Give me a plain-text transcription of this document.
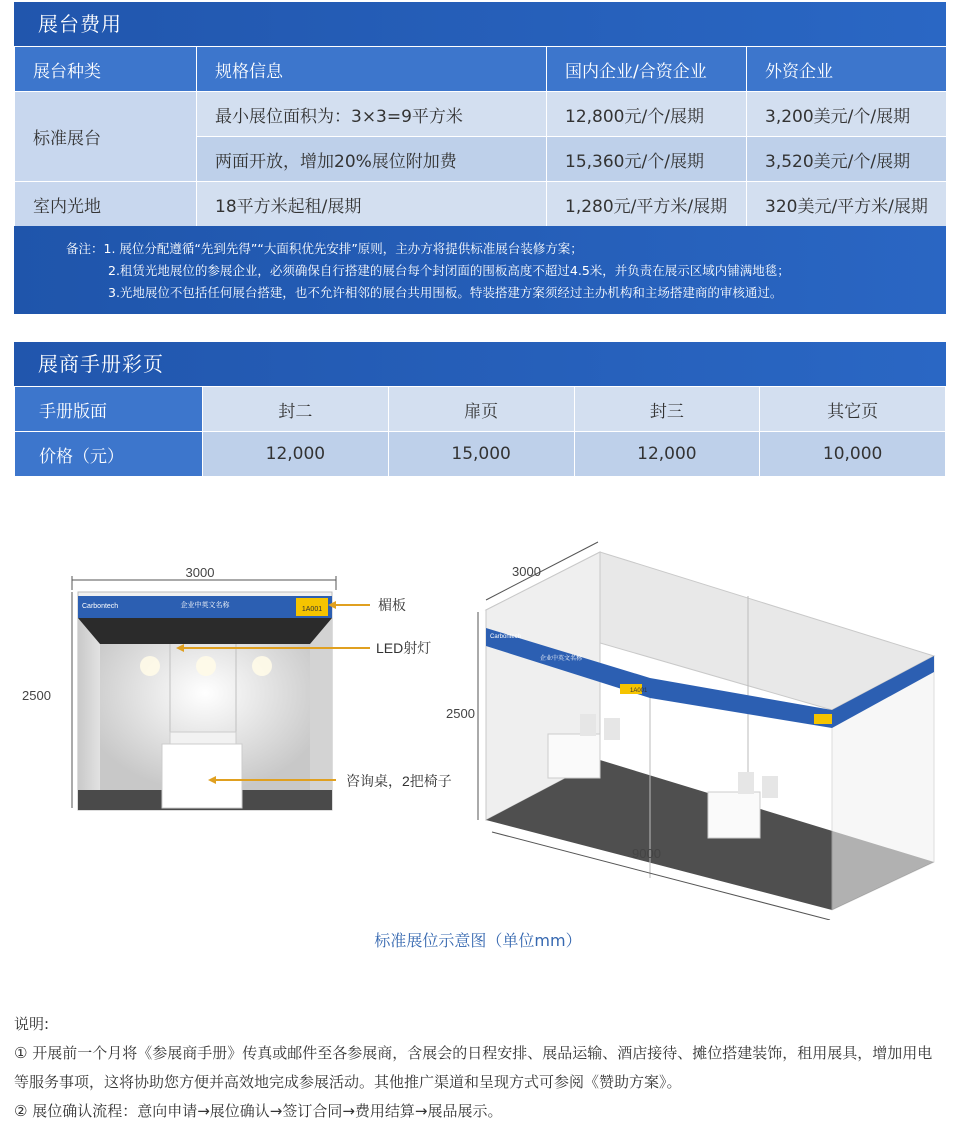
展台费用
展台种类	规格信息	国内企业/合资企业	外资企业
标准展台	最小展位面积为：3×3=9平方米	12,800元/个/展期	3,200美元/个/展期
	两面开放，增加20%展位附加费	15,360元/个/展期	3,520美元/个/展期
室内光地	18平方米起租/展期	1,280元/平方米/展期	320美元/平方米/展期
备注：1. 展位分配遵循“先到先得”“大面积优先安排”原则，主办方将提供标准展台装修方案；
2.租赁光地展位的参展企业，必须确保自行搭建的展台每个封闭面的围板高度不超过4.5米，并负责在展示区域内铺满地毯；
3.光地展位不包括任何展台搭建，也不允许相邻的展台共用围板。特装搭建方案须经过主办机构和主场搭建商的审核通过。
展商手册彩页
手册版面	封二	扉页	封三	其它页
价格（元）	12,000	15,000	12,000	10,000
3000
2500
1A001
Carbontech	企业中英文名称	楣板
LED射灯
咨询桌，2把椅子
Carbontech
企业中英文名称
1A001
3000
2500
9000
标准展位示意图（单位mm）

说明:

① 开展前一个月将《参展商手册》传真或邮件至各参展商，含展会的日程安排、展品运输、酒店接待、摊位搭建装饰，租用展具，增加用电等服务事项，这将协助您方便并高效地完成参展活动。其他推广渠道和呈现方式可参阅《赞助方案》。

② 展位确认流程：意向申请→展位确认→签订合同→费用结算→展品展示。
